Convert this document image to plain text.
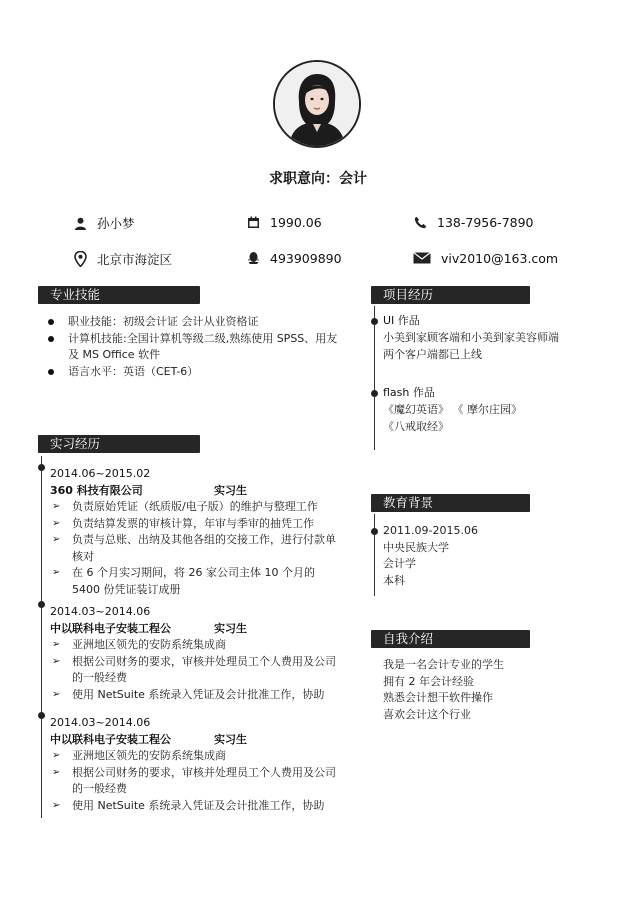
求职意向：会计
孙小梦	1990.06	138-7956-7890
北京市海淀区	493909890	viv2010@163.com
专业技能	项目经历
实习经历
教育背景
自我介绍
职业技能：初级会计证 会计从业资格证
计算机技能:全国计算机等级二级,熟练使用 SPSS、用友及 MS Office 软件
语言水平：英语（CET-6）
UI 作品
小美到家顾客端和小美到家美容师端
两个客户端都已上线
flash 作品
《魔幻英语》 《 摩尔庄园》
《八戒取经》
2011.09-2015.06
中央民族大学
会计学
本科
我是一名会计专业的学生
拥有 2 年会计经验
熟悉会计想干软件操作
喜欢会计这个行业
2014.06~2015.02
360 科技有限公司	实习生
➢ 负责原始凭证（纸质版/电子版）的维护与整理工作
➢ 负责结算发票的审核计算，年审与季审的抽凭工作
➢ 负责与总账、出纳及其他各组的交接工作，进行付款单核对
➢ 在 6 个月实习期间，将 26 家公司主体 10 个月的 5400 份凭证装订成册
2014.03~2014.06
中以联科电子安装工程公	实习生
➢ 亚洲地区领先的安防系统集成商
➢ 根据公司财务的要求，审核并处理员工个人费用及公司的一般经费
➢ 使用 NetSuite 系统录入凭证及会计批准工作，协助
2014.03~2014.06
中以联科电子安装工程公	实习生
➢ 亚洲地区领先的安防系统集成商
➢ 根据公司财务的要求，审核并处理员工个人费用及公司的一般经费
➢ 使用 NetSuite 系统录入凭证及会计批准工作，协助
